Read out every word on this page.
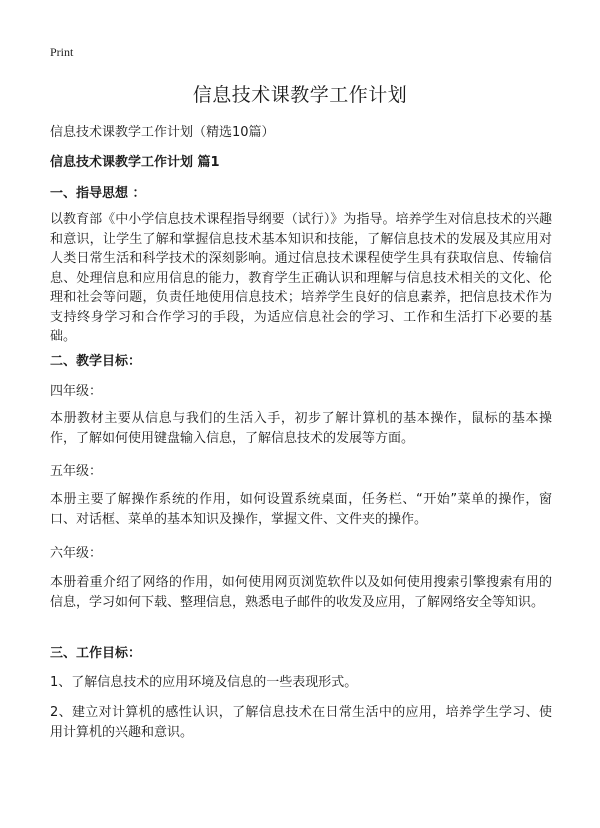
Print
信息技术课教学工作计划

信息技术课教学工作计划（精选10篇）

信息技术课教学工作计划 篇1

一、指导思想 ：

以教育部《中小学信息技术课程指导纲要（试行）》为指导。培养学生对信息技术的兴趣和意识，让学生了解和掌握信息技术基本知识和技能，了解信息技术的发展及其应用对人类日常生活和科学技术的深刻影响。通过信息技术课程使学生具有获取信息、传输信息、处理信息和应用信息的能力，教育学生正确认识和理解与信息技术相关的文化、伦理和社会等问题，负责任地使用信息技术；培养学生良好的信息素养，把信息技术作为支持终身学习和合作学习的手段，为适应信息社会的学习、工作和生活打下必要的基础。

二、教学目标：

四年级：

本册教材主要从信息与我们的生活入手，初步了解计算机的基本操作，鼠标的基本操作，了解如何使用键盘输入信息，了解信息技术的发展等方面。

五年级：

本册主要了解操作系统的作用，如何设置系统桌面，任务栏、“开始”菜单的操作，窗口、对话框、菜单的基本知识及操作，掌握文件、文件夹的操作。

六年级：

本册着重介绍了网络的作用，如何使用网页浏览软件以及如何使用搜索引擎搜索有用的信息，学习如何下载、整理信息，熟悉电子邮件的收发及应用，了解网络安全等知识。

三、工作目标：

1、了解信息技术的应用环境及信息的一些表现形式。

2、建立对计算机的感性认识，了解信息技术在日常生活中的应用，培养学生学习、使用计算机的兴趣和意识。
